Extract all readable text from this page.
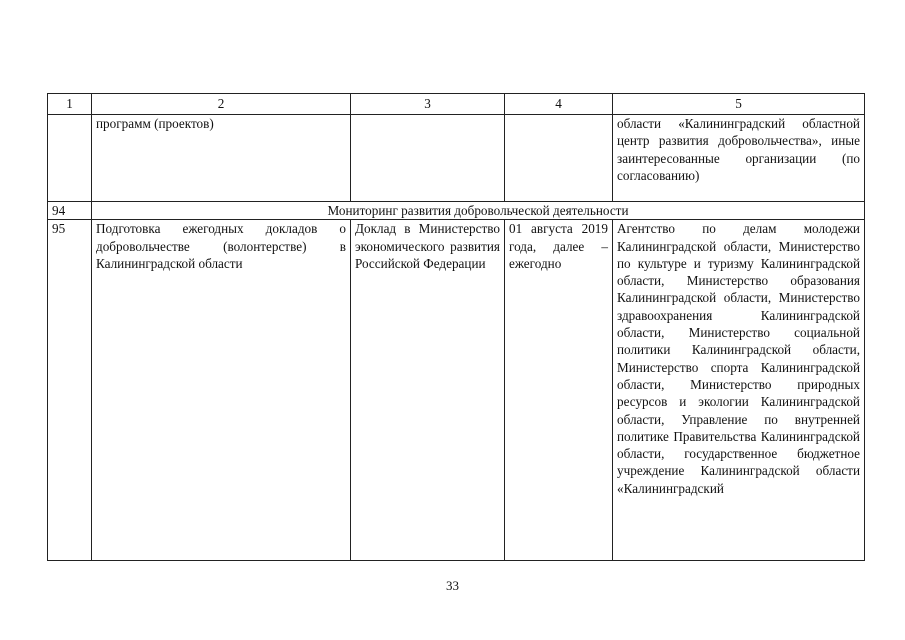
1	2	3	4	5
	программ (проектов)			области «Калининградский областной центр развития добровольчества», иные заинтересованные организации (по согласованию)
94	Мониторинг развития добровольческой деятельности			
95	Подготовка ежегодных докладов о добровольчестве (волонтерстве) в Калининградской области	Доклад в Министерство экономического развития Российской Федерации	01 августа 2019 года, далее – ежегодно	Агентство по делам молодежи Калининградской области, Министерство по культуре и туризму Калининградской области, Министерство образования Калининградской области, Министерство здравоохранения Калининградской области, Министерство социальной политики Калининградской области, Министерство спорта Калининградской области, Министерство природных ресурсов и экологии Калининградской области, Управление по внутренней политике Правительства Калининградской области, государственное бюджетное учреждение Калининградской области «Калининградский
33
